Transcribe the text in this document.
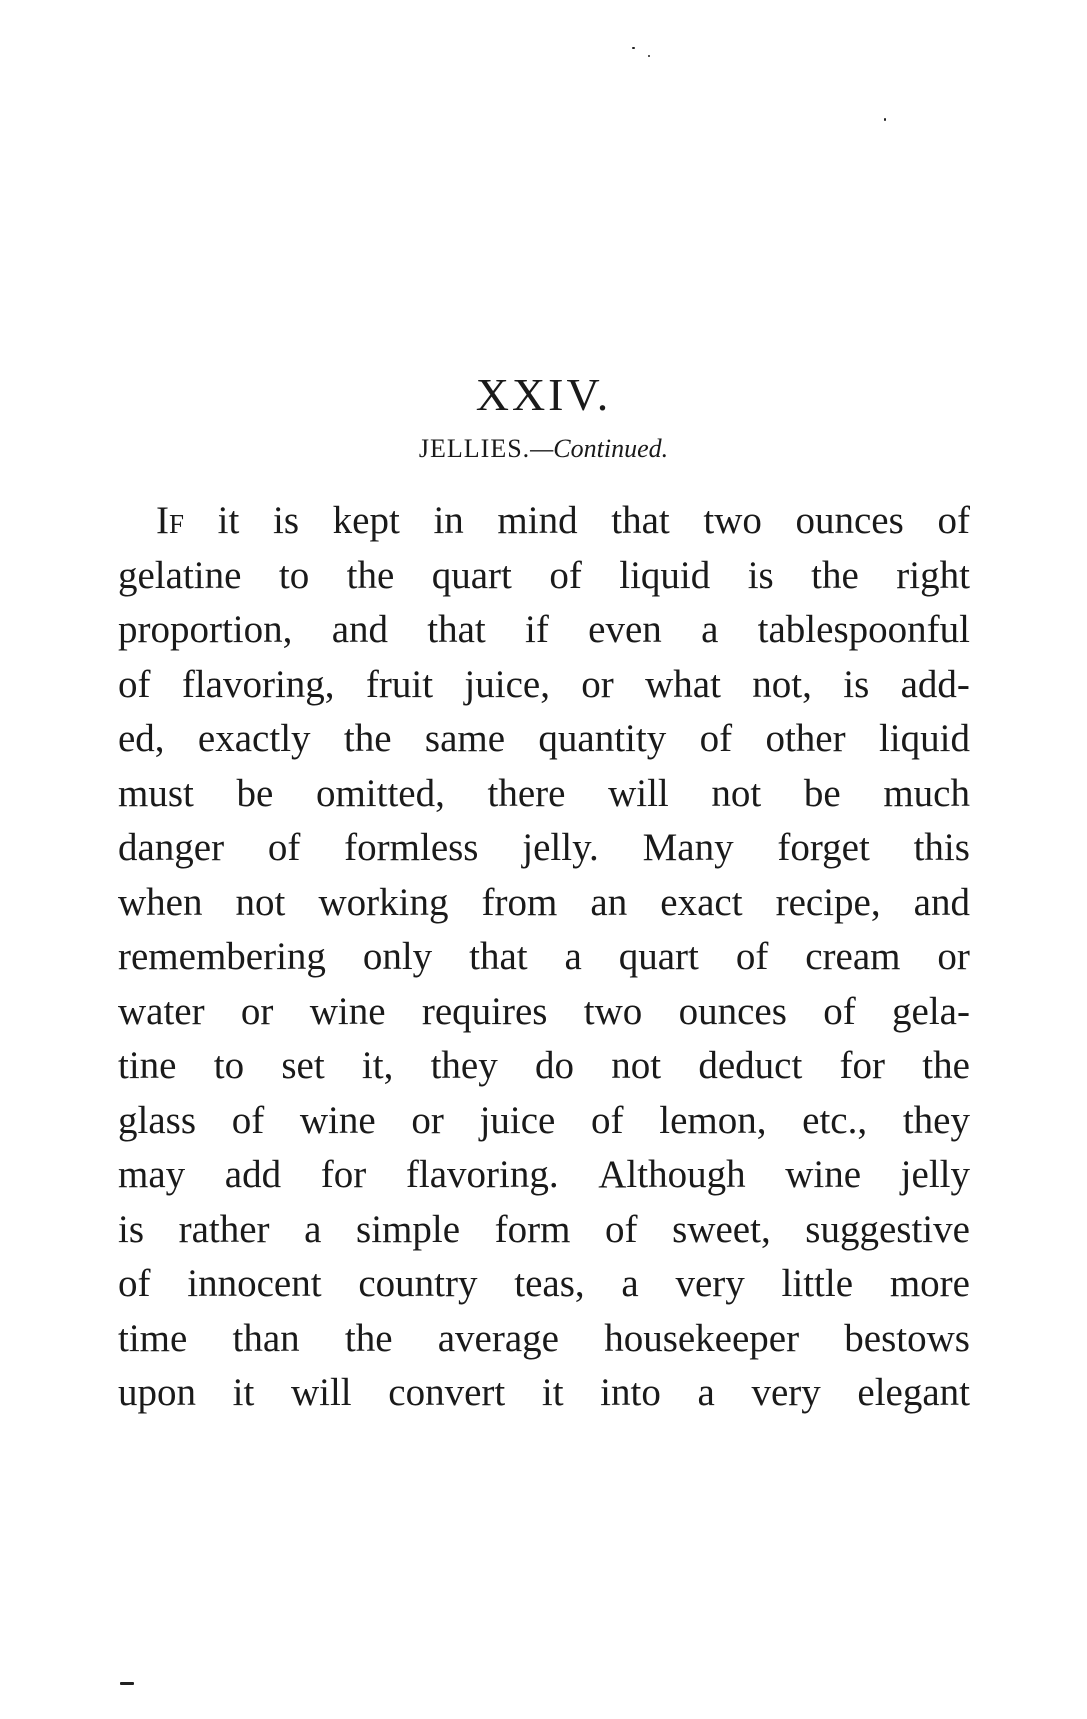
XXIV.
JELLIES.—Continued.
If it is kept in mind that two ounces of
gelatine to the quart of liquid is the right
proportion, and that if even a tablespoonful
of flavoring, fruit juice, or what not, is add-
ed, exactly the same quantity of other liquid
must be omitted, there will not be much
danger of formless jelly. Many forget this
when not working from an exact recipe, and
remembering only that a quart of cream or
water or wine requires two ounces of gela-
tine to set it, they do not deduct for the
glass of wine or juice of lemon, etc., they
may add for flavoring. Although wine jelly
is rather a simple form of sweet, suggestive
of innocent country teas, a very little more
time than the average housekeeper bestows
upon it will convert it into a very elegant
